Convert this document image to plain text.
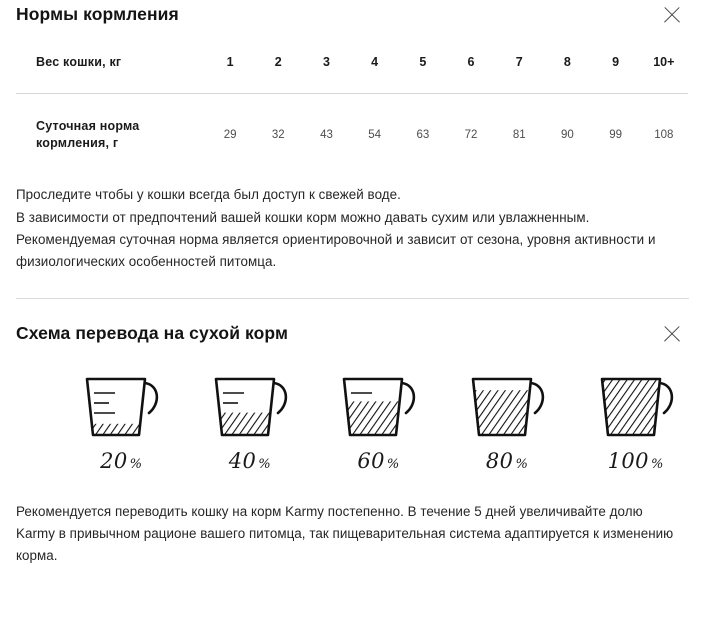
Нормы кормления
Вес кошки, кг	1	2	3	4	5	6	7	8	9	10+
Суточная норма кормления, г	29	32	43	54	63	72	81	90	99	108
Проследите чтобы у кошки всегда был доступ к свежей воде.
В зависимости от предпочтений вашей кошки корм можно давать сухим или увлажненным. Рекомендуемая суточная норма является ориентировочной и зависит от сезона, уровня активности и физиологических особенностей питомца.
Схема перевода на сухой корм
20 %	40 %	60 %	80 %	100 %
Рекомендуется переводить кошку на корм Karmy постепенно. В течение 5 дней увеличивайте долю Karmy в привычном рационе вашего питомца, так пищеварительная система адаптируется к изменению корма.
